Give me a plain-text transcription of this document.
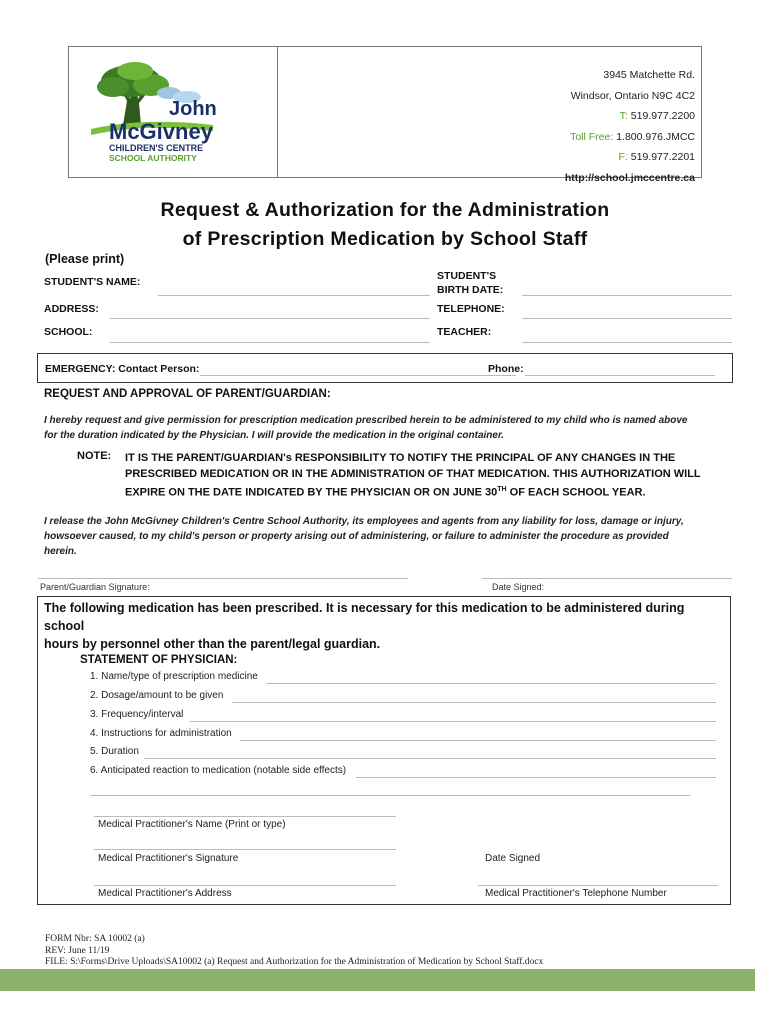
John
McGivney
CHILDREN'S CENTRE
SCHOOL AUTHORITY
3945 Matchette Rd.
Windsor, Ontario N9C 4C2
T: 519.977.2200
Toll Free: 1.800.976.JMCC
F: 519.977.2201
http://school.jmccentre.ca
Request & Authorization for the Administration
of Prescription Medication by School Staff
(Please print)
STUDENT'S NAME:	STUDENT'S
BIRTH DATE:
ADDRESS:	TELEPHONE:
SCHOOL:	TEACHER:
EMERGENCY: Contact Person:	Phone:
REQUEST AND APPROVAL OF PARENT/GUARDIAN:
I hereby request and give permission for prescription medication prescribed herein to be administered to my child who is named above
for the duration indicated by the Physician. I will provide the medication in the original container.
NOTE: IT IS THE PARENT/GUARDIAN's RESPONSIBILITY TO NOTIFY THE PRINCIPAL OF ANY CHANGES IN THE
PRESCRIBED MEDICATION OR IN THE ADMINISTRATION OF THAT MEDICATION. THIS AUTHORIZATION WILL
EXPIRE ON THE DATE INDICATED BY THE PHYSICIAN OR ON JUNE 30TH OF EACH SCHOOL YEAR.
I release the John McGivney Children's Centre School Authority, its employees and agents from any liability for loss, damage or injury,
howsoever caused, to my child's person or property arising out of administering, or failure to administer the procedure as provided
herein.
Parent/Guardian Signature:	Date Signed:
The following medication has been prescribed. It is necessary for this medication to be administered during school
hours by personnel other than the parent/legal guardian.
STATEMENT OF PHYSICIAN:
1. Name/type of prescription medicine
2. Dosage/amount to be given
3. Frequency/interval
4. Instructions for administration
5. Duration
6. Anticipated reaction to medication (notable side effects)
Medical Practitioner's Name (Print or type)
Medical Practitioner's Signature	Date Signed
Medical Practitioner's Address	Medical Practitioner's Telephone Number
FORM Nbr: SA 10002 (a)
REV: June 11/19
FILE: S:\Forms\Drive Uploads\SA10002 (a) Request and Authorization for the Administration of Medication by School Staff.docx
